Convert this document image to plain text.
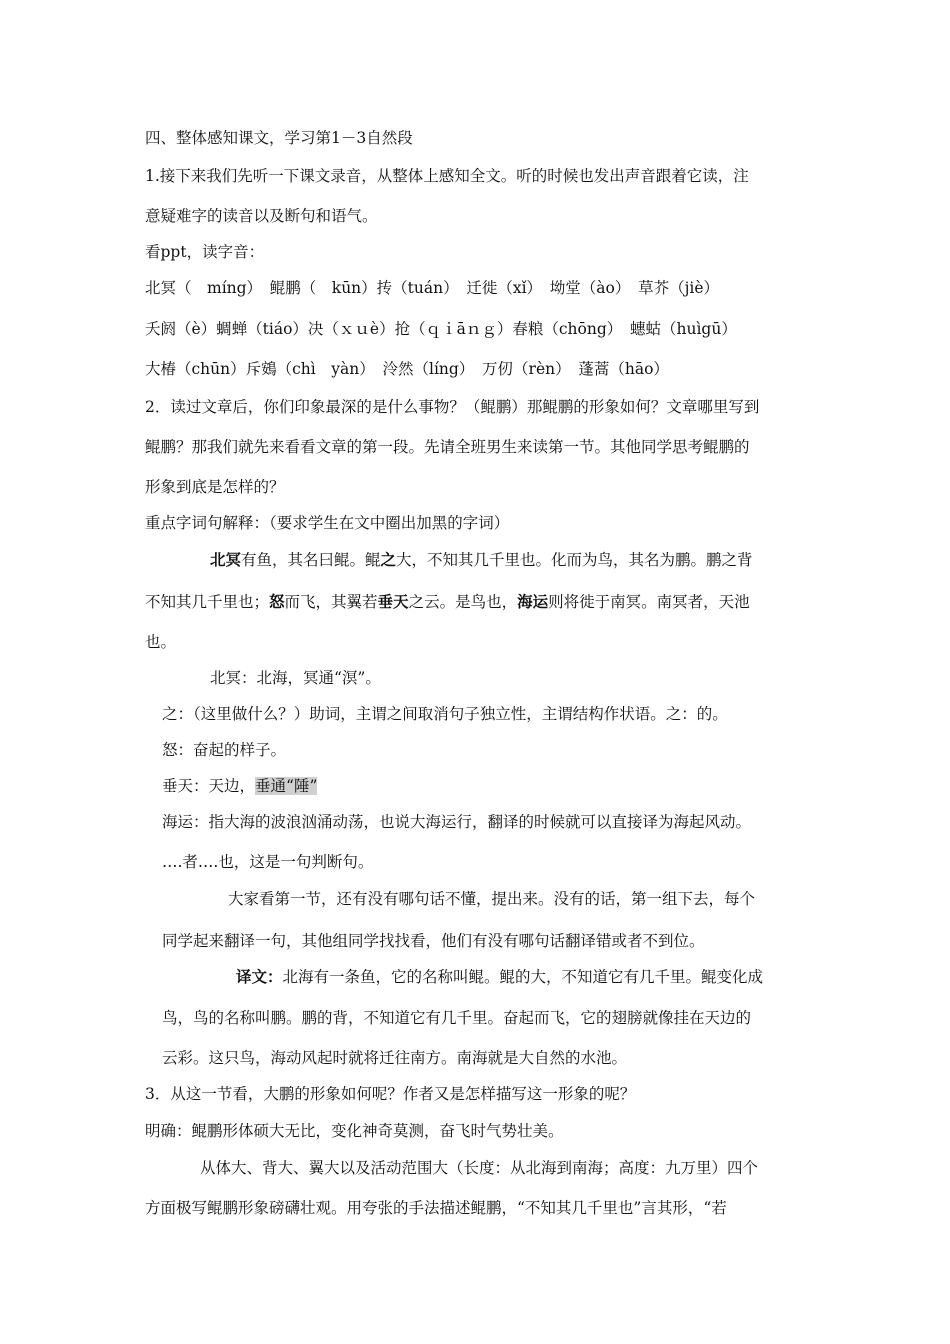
四、整体感知课文，学习第1－3自然段
1.接下来我们先听一下课文录音，从整体上感知全文。听的时候也发出声音跟着它读，注
意疑难字的读音以及断句和语气。
看ppt，读字音：
北冥（　míng）　鲲鹏（　kūn）抟（tuán）　迁徙（xǐ）　坳堂（ào）　草芥（jiè）
夭阏（è）蜩蝉（tiáo）决（ｘｕè）抢（ｑｉāｎｇ）春粮（chōng）　蟪蛄（huìgū）
大椿（chūn）斥鴳（chì　yàn）　泠然（líng）　万仞（rèn）　蓬蒿（hāo）
2．读过文章后，你们印象最深的是什么事物？（鲲鹏）那鲲鹏的形象如何？文章哪里写到
鲲鹏？那我们就先来看看文章的第一段。先请全班男生来读第一节。其他同学思考鲲鹏的
形象到底是怎样的？
重点字词句解释：（要求学生在文中圈出加黑的字词）
北冥有鱼，其名曰鲲。鲲之大，不知其几千里也。化而为鸟，其名为鹏。鹏之背
不知其几千里也；怒而飞，其翼若垂天之云。是鸟也，海运则将徙于南冥。南冥者，天池
也。
北冥：北海，冥通“溟”。
之：（这里做什么？）助词，主谓之间取消句子独立性，主谓结构作状语。之：的。
怒：奋起的样子。
垂天：天边，垂通“陲”
海运：指大海的波浪汹涌动荡，也说大海运行，翻译的时候就可以直接译为海起风动。
….者….也，这是一句判断句。
大家看第一节，还有没有哪句话不懂，提出来。没有的话，第一组下去，每个
同学起来翻译一句，其他组同学找找看，他们有没有哪句话翻译错或者不到位。
译文：北海有一条鱼，它的名称叫鲲。鲲的大，不知道它有几千里。鲲变化成
鸟，鸟的名称叫鹏。鹏的背，不知道它有几千里。奋起而飞，它的翅膀就像挂在天边的
云彩。这只鸟，海动风起时就将迁往南方。南海就是大自然的水池。
3．从这一节看，大鹏的形象如何呢？作者又是怎样描写这一形象的呢？
明确：鲲鹏形体硕大无比，变化神奇莫测，奋飞时气势壮美。
从体大、背大、翼大以及活动范围大（长度：从北海到南海；高度：九万里）四个
方面极写鲲鹏形象磅礴壮观。用夸张的手法描述鲲鹏，“不知其几千里也”言其形，“若
